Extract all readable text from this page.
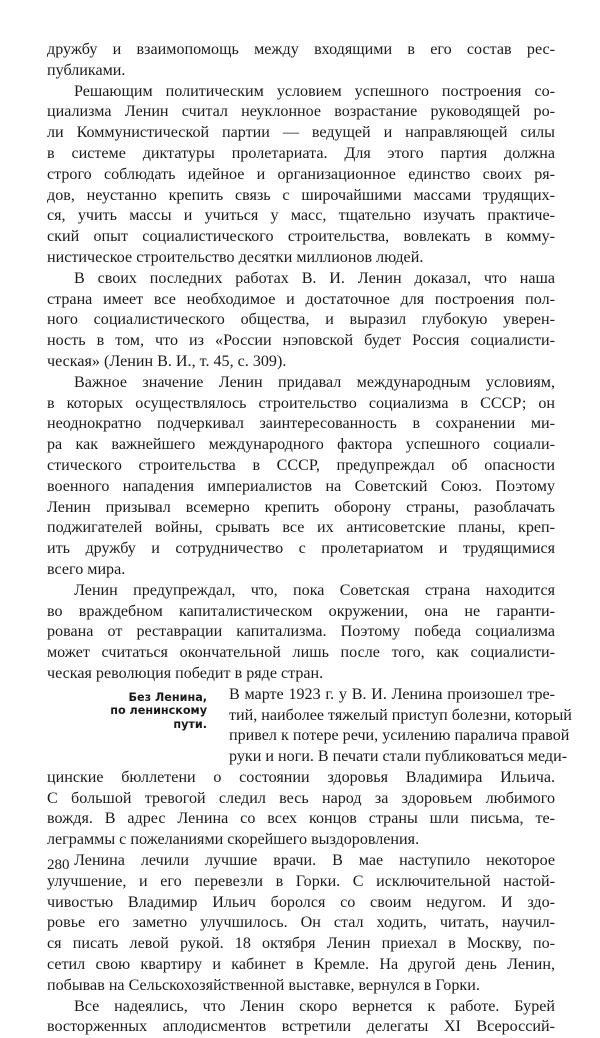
дружбу и взаимопомощь между входящими в его состав рес-
публиками.
Решающим политическим условием успешного построения со-
циализма Ленин считал неуклонное возрастание руководящей ро-
ли Коммунистической партии — ведущей и направляющей силы
в системе диктатуры пролетариата. Для этого партия должна
строго соблюдать идейное и организационное единство своих ря-
дов, неустанно крепить связь с широчайшими массами трудящих-
ся, учить массы и учиться у масс, тщательно изучать практиче-
ский опыт социалистического строительства, вовлекать в комму-
нистическое строительство десятки миллионов людей.
В своих последних работах В. И. Ленин доказал, что наша
страна имеет все необходимое и достаточное для построения пол-
ного социалистического общества, и выразил глубокую уверен-
ность в том, что из «России нэповской будет Россия социалисти-
ческая» (Ленин В. И., т. 45, с. 309).
Важное значение Ленин придавал международным условиям,
в которых осуществлялось строительство социализма в СССР; он
неоднократно подчеркивал заинтересованность в сохранении ми-
ра как важнейшего международного фактора успешного социали-
стического строительства в СССР, предупреждал об опасности
военного нападения империалистов на Советский Союз. Поэтому
Ленин призывал всемерно крепить оборону страны, разоблачать
поджигателей войны, срывать все их антисоветские планы, креп-
ить дружбу и сотрудничество с пролетариатом и трудящимися
всего мира.
Ленин предупреждал, что, пока Советская страна находится
во враждебном капиталистическом окружении, она не гаранти-
рована от реставрации капитализма. Поэтому победа социализма
может считаться окончательной лишь после того, как социалисти-
ческая революция победит в ряде стран.
Без Ленина,
по ленинскому
пути.
В марте 1923 г. у В. И. Ленина произошел тре-
тий, наиболее тяжелый приступ болезни, который
привел к потере речи, усилению паралича правой
руки и ноги. В печати стали публиковаться меди-
цинские бюллетени о состоянии здоровья Владимира Ильича.
С большой тревогой следил весь народ за здоровьем любимого
вождя. В адрес Ленина со всех концов страны шли письма, те-
леграммы с пожеланиями скорейшего выздоровления.
Ленина лечили лучшие врачи. В мае наступило некоторое
улучшение, и его перевезли в Горки. С исключительной настой-
чивостью Владимир Ильич боролся со своим недугом. И здо-
ровье его заметно улучшилось. Он стал ходить, читать, научил-
ся писать левой рукой. 18 октября Ленин приехал в Москву, по-
сетил свою квартиру и кабинет в Кремле. На другой день Ленин,
побывав на Сельскохозяйственной выставке, вернулся в Горки.
Все надеялись, что Ленин скоро вернется к работе. Бурей
восторженных аплодисментов встретили делегаты XI Всероссий-
280
